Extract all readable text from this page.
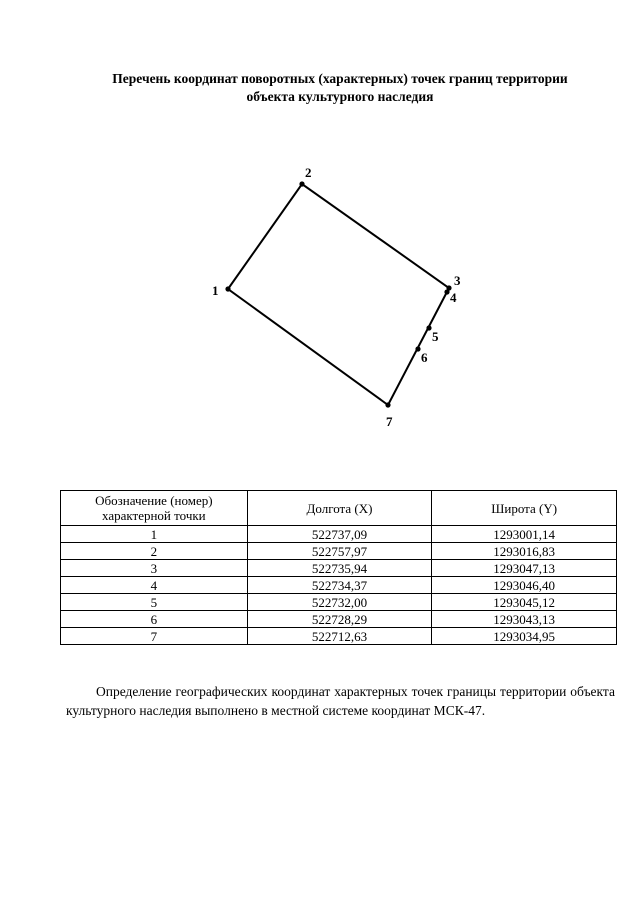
Перечень координат поворотных (характерных) точек границ территории
объекта культурного наследия
1
2
3
4
5
6
7
Обозначение (номер)
характерной точки	Долгота (X)	Широта (Y)
1	522737,09	1293001,14
2	522757,97	1293016,83
3	522735,94	1293047,13
4	522734,37	1293046,40
5	522732,00	1293045,12
6	522728,29	1293043,13
7	522712,63	1293034,95

Определение географических координат характерных точек границы территории объекта культурного наследия выполнено в местной системе координат МСК-47.
